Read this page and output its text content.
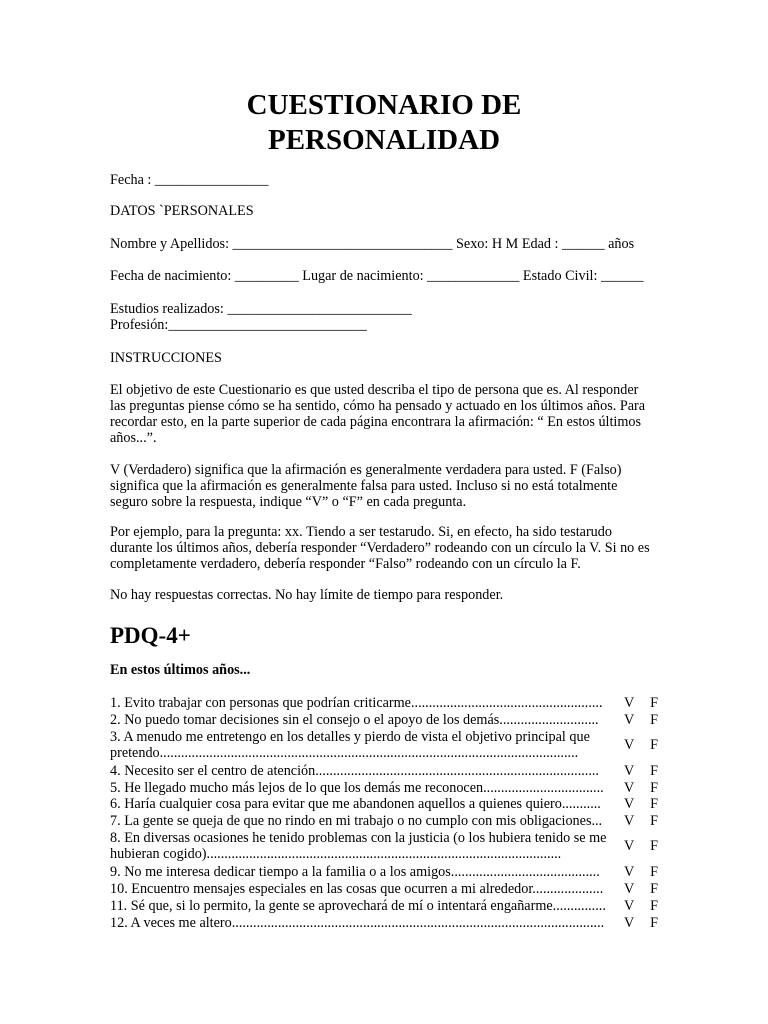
CUESTIONARIO DE
PERSONALIDAD
Fecha : ________________
DATOS `PERSONALES
Nombre y Apellidos: _______________________________ Sexo: H M Edad : ______ años
Fecha de nacimiento: _________ Lugar de nacimiento: _____________ Estado Civil: ______
Estudios realizados: __________________________
Profesión:____________________________
INSTRUCCIONES
El objetivo de este Cuestionario es que usted describa el tipo de persona que es. Al responder
las preguntas piense cómo se ha sentido, cómo ha pensado y actuado en los últimos años. Para
recordar esto, en la parte superior de cada página encontrara la afirmación: “ En estos últimos
años...”.
V (Verdadero) significa que la afirmación es generalmente verdadera para usted. F (Falso)
significa que la afirmación es generalmente falsa para usted. Incluso si no está totalmente
seguro sobre la respuesta, indique “V” o “F” en cada pregunta.
Por ejemplo, para la pregunta: xx. Tiendo a ser testarudo. Si, en efecto, ha sido testarudo
durante los últimos años, debería responder “Verdadero” rodeando con un círculo la V. Si no es
completamente verdadero, debería responder “Falso” rodeando con un círculo la F.
No hay respuestas correctas. No hay límite de tiempo para responder.
PDQ-4+
En estos últimos años...
1. Evito trabajar con personas que podrían criticarme......................................................	V F
2. No puedo tomar decisiones sin el consejo o el apoyo de los demás............................	V F
3. A menudo me entretengo en los detalles y pierdo de vista el objetivo principal que
pretendo......................................................................................................................	V F
4. Necesito ser el centro de atención................................................................................	V F
5. He llegado mucho más lejos de lo que los demás me reconocen..................................	V F
6. Haría cualquier cosa para evitar que me abandonen aquellos a quienes quiero...........	V F
7. La gente se queja de que no rindo en mi trabajo o no cumplo con mis obligaciones...	V F
8. En diversas ocasiones he tenido problemas con la justicia (o los hubiera tenido se me
hubieran cogido)....................................................................................................	V F
9. No me interesa dedicar tiempo a la familia o a los amigos..........................................	V F
10. Encuentro mensajes especiales en las cosas que ocurren a mi alrededor....................	V F
11. Sé que, si lo permito, la gente se aprovechará de mí o intentará engañarme...............	V F
12. A veces me altero.........................................................................................................	V F
